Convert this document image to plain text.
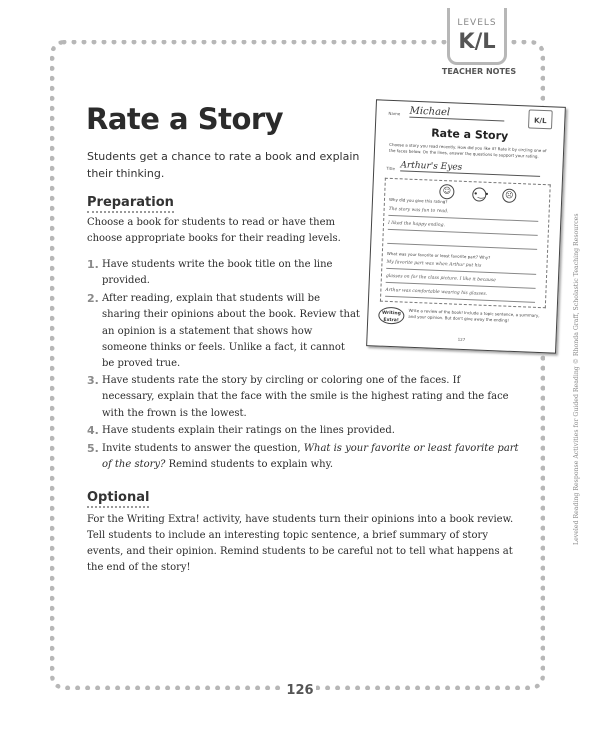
LEVELS
K/L
TEACHER NOTES
Rate a Story
Students get a chance to rate a book and explain their thinking.
Preparation
Choose a book for students to read or have them choose appropriate books for their reading levels.
1. Have students write the book title on the line provided.
2. After reading, explain that students will be sharing their opinions about the book. Review that an opinion is a statement that shows how someone thinks or feels. Unlike a fact, it cannot be proved true.
3. Have students rate the story by circling or coloring one of the faces. If necessary, explain that the face with the smile is the highest rating and the face with the frown is the lowest.
4. Have students explain their ratings on the lines provided.
5. Invite students to answer the question, What is your favorite or least favorite part of the story? Remind students to explain why.
Optional
For the Writing Extra! activity, have students turn their opinions into a book review. Tell students to include an interesting topic sentence, a brief summary of story events, and their opinion. Remind students to be careful not to tell what happens at the end of the story!
Name Michael
K/L
Rate a Story
Choose a story you read recently. How did you like it? Rate it by circling one of the faces below. On the lines, answer the questions to support your rating.
Title Arthur's Eyes
☺	•‿•	☹
Why did you give this rating?
The story was fun to read.
I liked the happy ending.
What was your favorite or least favorite part? Why?
My favorite part was when Arthur put his
glasses on for the class picture. I like it because
Arthur was comfortable wearing his glasses.
Writing Extra!
Write a review of the book! Include a topic sentence, a summary, and your opinion. But don't give away the ending!
127	Leveled Reading Response Activities for Guided Reading © Rhonda Graff, Scholastic Teaching Resources
126
